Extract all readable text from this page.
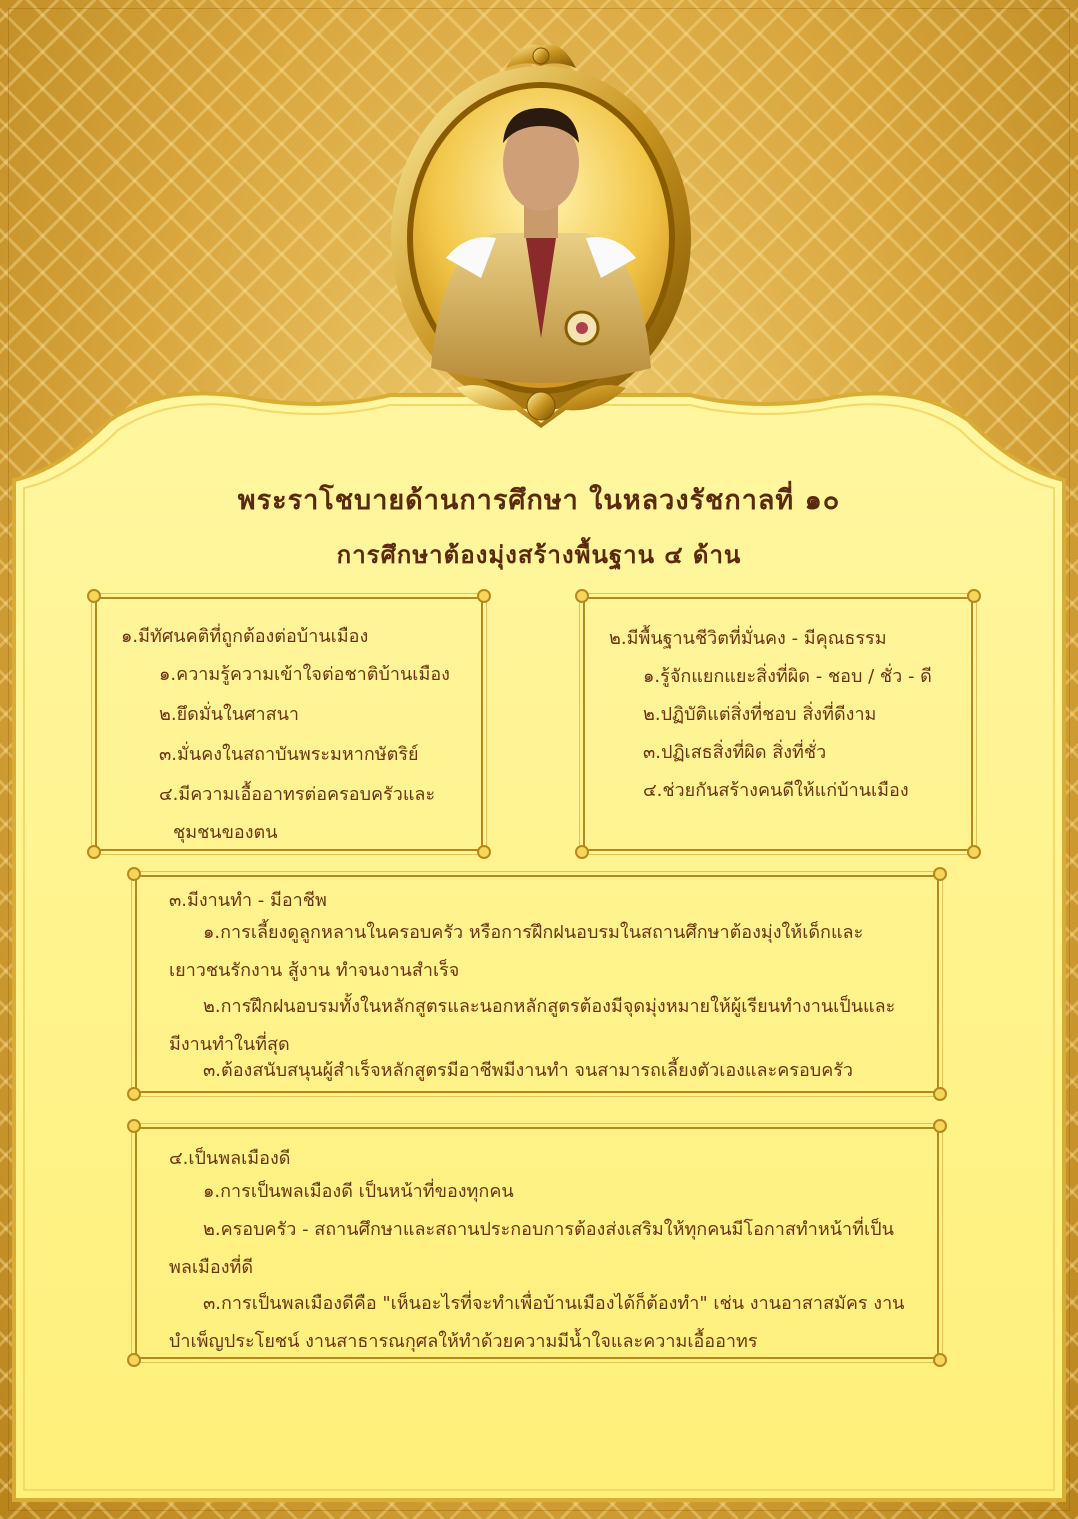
พระราโชบายด้านการศึกษา ในหลวงรัชกาลที่ ๑๐
การศึกษาต้องมุ่งสร้างพื้นฐาน ๔ ด้าน
๑.มีทัศนคติที่ถูกต้องต่อบ้านเมือง
๑.ความรู้ความเข้าใจต่อชาติบ้านเมือง
๒.ยึดมั่นในศาสนา
๓.มั่นคงในสถาบันพระมหากษัตริย์
๔.มีความเอื้ออาทรต่อครอบครัวและ
ชุมชนของตน
๒.มีพื้นฐานชีวิตที่มั่นคง - มีคุณธรรม
๑.รู้จักแยกแยะสิ่งที่ผิด - ชอบ / ชั่ว - ดี
๒.ปฏิบัติแต่สิ่งที่ชอบ สิ่งที่ดีงาม
๓.ปฏิเสธสิ่งที่ผิด สิ่งที่ชั่ว
๔.ช่วยกันสร้างคนดีให้แก่บ้านเมือง
๓.มีงานทำ - มีอาชีพ
๑.การเลี้ยงดูลูกหลานในครอบครัว หรือการฝึกฝนอบรมในสถานศึกษาต้องมุ่งให้เด็กและเยาวชนรักงาน สู้งาน ทำจนงานสำเร็จ
๒.การฝึกฝนอบรมทั้งในหลักสูตรและนอกหลักสูตรต้องมีจุดมุ่งหมายให้ผู้เรียนทำงานเป็นและมีงานทำในที่สุด
๓.ต้องสนับสนุนผู้สำเร็จหลักสูตรมีอาชีพมีงานทำ จนสามารถเลี้ยงตัวเองและครอบครัว
๔.เป็นพลเมืองดี
๑.การเป็นพลเมืองดี เป็นหน้าที่ของทุกคน
๒.ครอบครัว - สถานศึกษาและสถานประกอบการต้องส่งเสริมให้ทุกคนมีโอกาสทำหน้าที่เป็นพลเมืองที่ดี
๓.การเป็นพลเมืองดีคือ "เห็นอะไรที่จะทำเพื่อบ้านเมืองได้ก็ต้องทำ" เช่น งานอาสาสมัคร งานบำเพ็ญประโยชน์ งานสาธารณกุศลให้ทำด้วยความมีน้ำใจและความเอื้ออาทร
